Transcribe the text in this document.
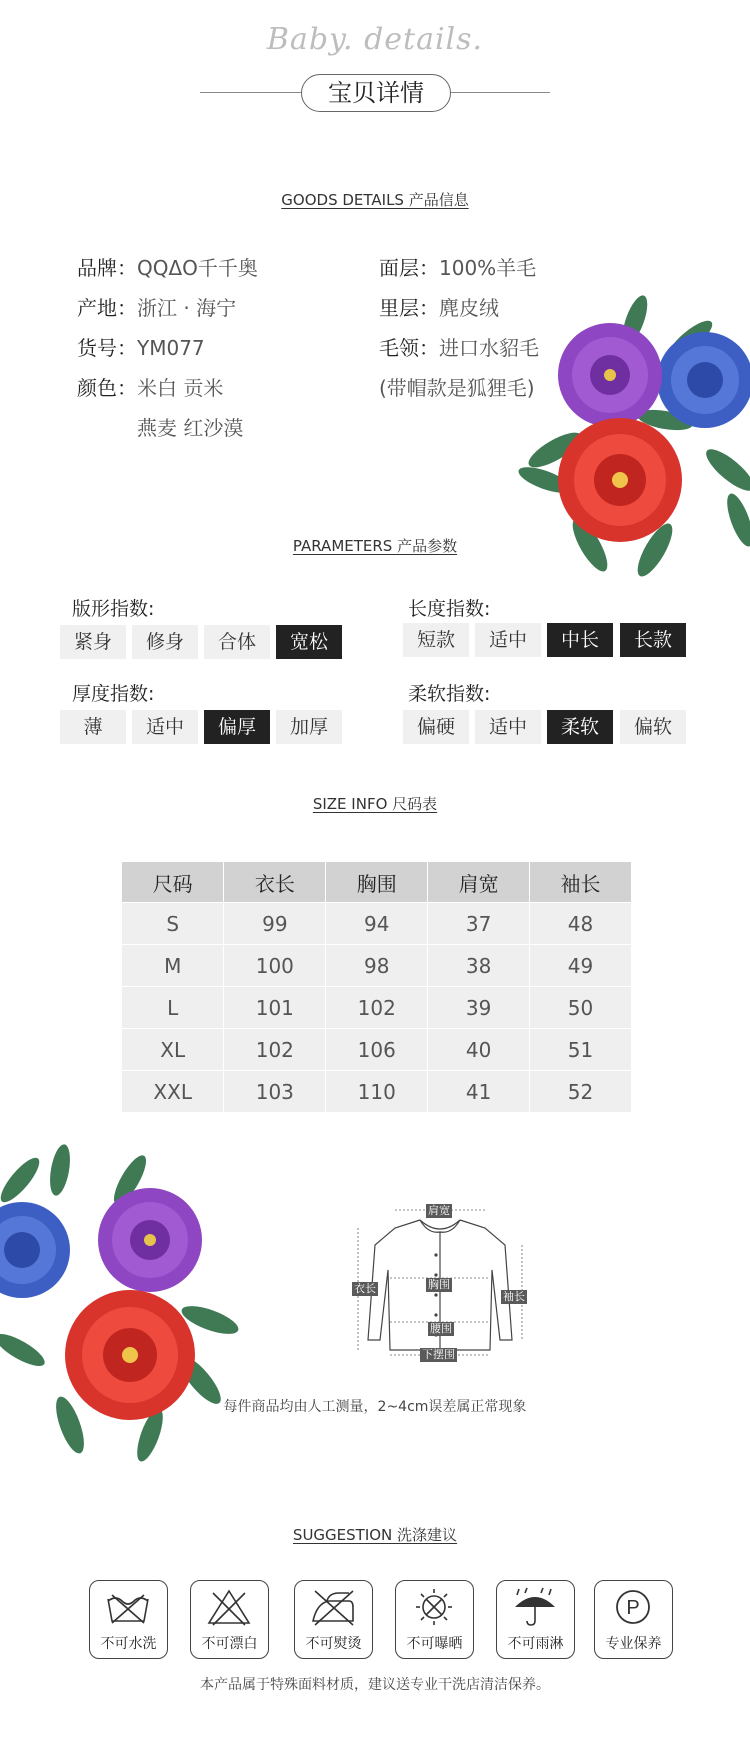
Baby. details.
宝贝详情
GOODS DETAILS 产品信息
品牌：QQΔO千千奥
产地：浙江 · 海宁
货号：YM077
颜色：米白 贡米
燕麦 红沙漠
面层：100%羊毛
里层：麂皮绒
毛领：进口水貂毛
(带帽款是狐狸毛)
PARAMETERS 产品参数
版形指数:
紧身	修身	合体	宽松
长度指数:
短款	适中	中长	长款
厚度指数:
薄	适中	偏厚	加厚
柔软指数:
偏硬	适中	柔软	偏软
SIZE INFO 尺码表
尺码	衣长	胸围	肩宽	袖长
S	99	94	37	48
M	100	98	38	49
L	101	102	39	50
XL	102	106	40	51
XXL	103	110	41	52
肩宽
衣长	胸围
袖长
腰围
下摆围
每件商品均由人工测量，2~4cm误差属正常现象
SUGGESTION 洗涤建议
不可水洗	不可漂白	不可熨烫	不可曝晒	不可雨淋
P
专业保养
本产品属于特殊面料材质，建议送专业干洗店清洁保养。
